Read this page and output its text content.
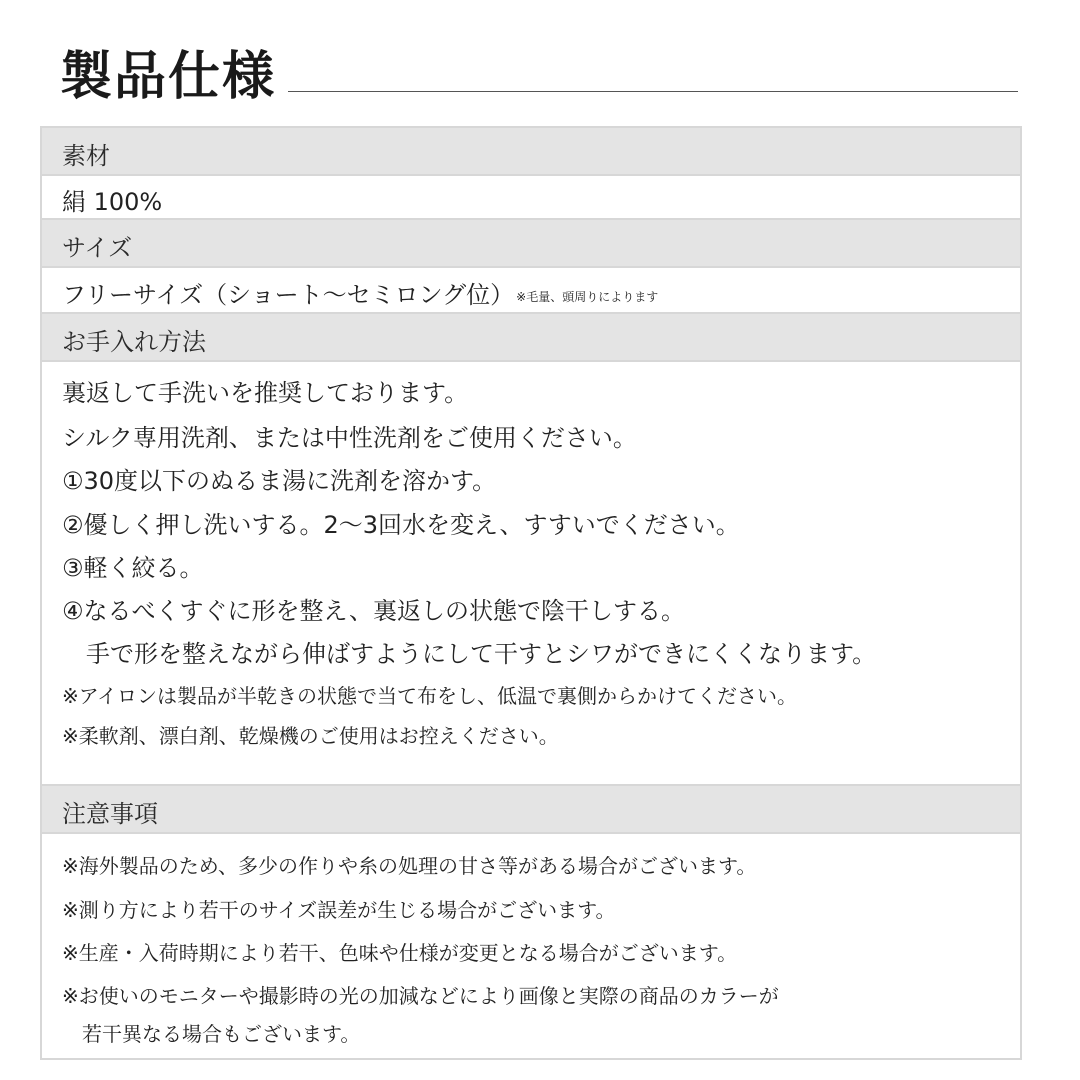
製品仕様
素材
絹 100%
サイズ
フリーサイズ（ショート〜セミロング位） ※毛量、頭周りによります
お手入れ方法
裏返して手洗いを推奨しております。
シルク専用洗剤、または中性洗剤をご使用ください。
①30度以下のぬるま湯に洗剤を溶かす。
②優しく押し洗いする。2〜3回水を変え、すすいでください。
③軽く絞る。
④なるべくすぐに形を整え、裏返しの状態で陰干しする。
　手で形を整えながら伸ばすようにして干すとシワができにくくなります。
※アイロンは製品が半乾きの状態で当て布をし、低温で裏側からかけてください。
※柔軟剤、漂白剤、乾燥機のご使用はお控えください。
注意事項
※海外製品のため、多少の作りや糸の処理の甘さ等がある場合がございます。
※測り方により若干のサイズ誤差が生じる場合がございます。
※生産・入荷時期により若干、色味や仕様が変更となる場合がございます。
※お使いのモニターや撮影時の光の加減などにより画像と実際の商品のカラーが
　若干異なる場合もございます。
